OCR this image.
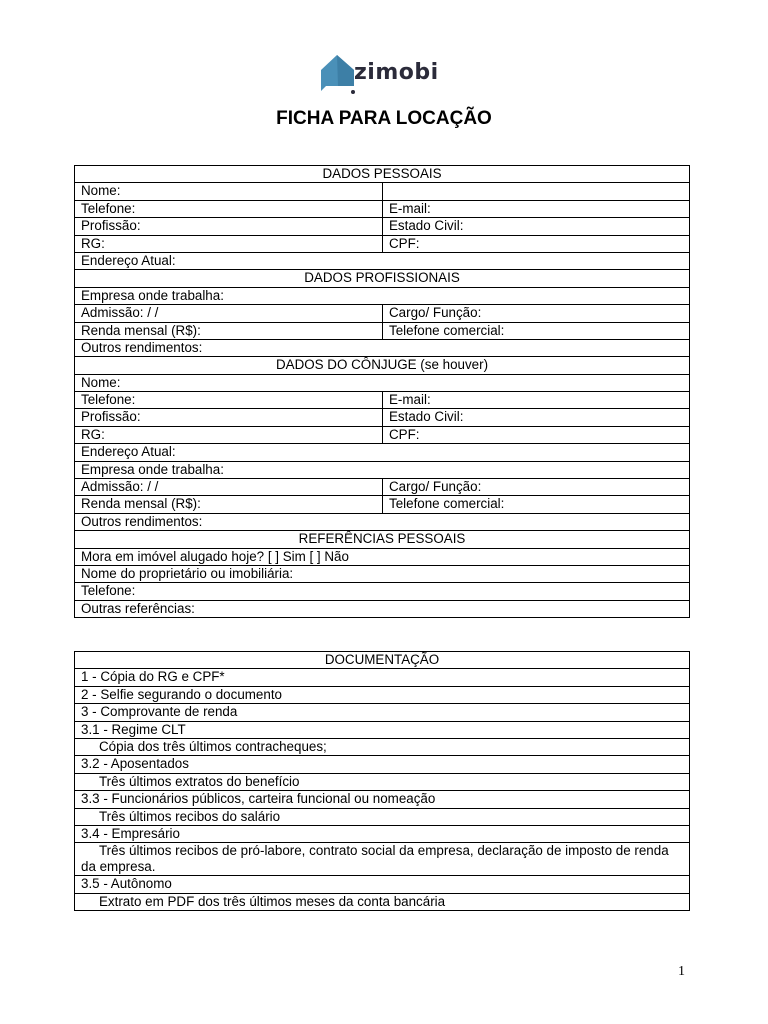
zimobi
FICHA PARA LOCAÇÃO
DADOS PESSOAIS	
Nome:	
Telefone:	E-mail:
Profissão:	Estado Civil:
RG:	CPF:
Endereço Atual:	
DADOS PROFISSIONAIS	
Empresa onde trabalha:	
Admissão: / /	Cargo/ Função:
Renda mensal (R$):	Telefone comercial:
Outros rendimentos:	
DADOS DO CÔNJUGE (se houver)	
Nome:	
Telefone:	E-mail:
Profissão:	Estado Civil:
RG:	CPF:
Endereço Atual:	
Empresa onde trabalha:	
Admissão: / /	Cargo/ Função:
Renda mensal (R$):	Telefone comercial:
Outros rendimentos:	
REFERÊNCIAS PESSOAIS	
Mora em imóvel alugado hoje? [ ] Sim [ ] Não	
Nome do proprietário ou imobiliária:	
Telefone:	
Outras referências:	
DOCUMENTAÇÃO
1 - Cópia do RG e CPF*
2 - Selfie segurando o documento
3 - Comprovante de renda
3.1 - Regime CLT
Cópia dos três últimos contracheques;
3.2 - Aposentados
Três últimos extratos do benefício
3.3 - Funcionários públicos, carteira funcional ou nomeação
Três últimos recibos do salário
3.4 - Empresário
Três últimos recibos de pró-labore, contrato social da empresa, declaração de imposto de renda da empresa.
3.5 - Autônomo
Extrato em PDF dos três últimos meses da conta bancária
1
